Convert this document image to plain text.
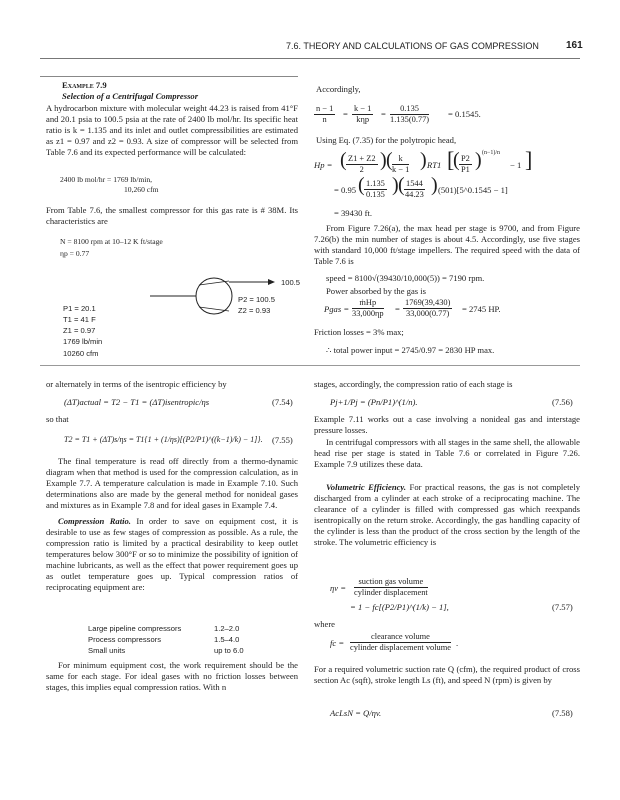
7.6. THEORY AND CALCULATIONS OF GAS COMPRESSION	161
Example 7.9
Selection of a Centrifugal Compressor
A hydrocarbon mixture with molecular weight 44.23 is raised from 41°F and 20.1 psia to 100.5 psia at the rate of 2400 lb mol/hr. Its specific heat ratio is k = 1.135 and its inlet and outlet compressibilities are estimated as z1 = 0.97 and z2 = 0.93. A size of compressor will be selected from Table 7.6 and its expected performance will be calculated:
2400 lb mol/hr = 1769 lb/min,
10,260 cfm
From Table 7.6, the smallest compressor for this gas rate is # 38M. Its characteristics are
N = 8100 rpm at 10–12 K ft/stage
ηp = 0.77
100.5
P1 = 20.1
T1 = 41 F
Z1 = 0.97
1769 lb/min
10260 cfm
P2 = 100.5
Z2 = 0.93
Accordingly,
$\frac{n - 1}{n}$ =
k − 1
kηp
= $\frac{0.135}{1.135(0.77)} = 0.1545$.
Using Eq. (7.35) for the polytropic head,
Hp = ( $\frac{Z1 + Z2}{2}$ ) ( $\frac{k}{k - 1}$ ) RT1 [
( $\frac{P2}{P1}$ ) (n−1)/n
− 1 ]
= 0.95 ( $\frac{1.135}{0.135}$ ) ( $\frac{1544}{44.23}$ ) (501)[5^0.1545 − 1]
= 39430 ft.
From Figure 7.26(a), the max head per stage is 9700, and from Figure 7.26(b) the min number of stages is about 4.5. Accordingly, use five stages with standard 10,000 ft/stage impellers. The required speed with the data of Table 7.6 is
speed = 8100√(39430/10,000(5)) = 7190 rpm.
Power absorbed by the gas is
Pgas =
ṁHp
$33,000\eta p = \frac{1769(39,430)}{33,000(0.77)} = 2745$ HP.
Friction losses = 3% max;
∴ total power input = 2745/0.97 = 2830 HP max.
or alternately in terms of the isentropic efficiency by
(ΔT)actual = T2 − T1 = (ΔT)isentropic/ηs	(7.54)
so that
T2 = T1 + (ΔT)s/ηs = T1{1 + (1/ηs)[(P2/P1)^((k−1)/k) − 1]}. (7.55)
The final temperature is read off directly from a thermo-dynamic diagram when that method is used for the compression calculation, as in Example 7.7. A temperature calculation is made in Example 7.10. Such determinations also are made by the general method for nonideal gases and mixtures as in Example 7.8 and for ideal gases in Example 7.4.
Compression Ratio. In order to save on equipment cost, it is desirable to use as few stages of compression as possible. As a rule, the compression ratio is limited by a practical desirability to keep outlet temperatures below 300°F or so to minimize the possibility of ignition of machine lubricants, as well as the effect that power requirement goes up as outlet temperature goes up. Typical compression ratios of reciprocating equipment are:
Large pipeline compressors	1.2–2.0
Process compressors	1.5–4.0
Small units	up to 6.0
For minimum equipment cost, the work requirement should be the same for each stage. For ideal gases with no friction losses between stages, this implies equal compression ratios. With n
stages, accordingly, the compression ratio of each stage is
Pj+1/Pj = (Pn/P1)^(1/n).	(7.56)
Example 7.11 works out a case involving a nonideal gas and interstage pressure losses.
In centrifugal compressors with all stages in the same shell, the allowable head rise per stage is stated in Table 7.6 or correlated in Figure 7.26. Example 7.9 utilizes these data.
Volumetric Efficiency. For practical reasons, the gas is not completely discharged from a cylinder at each stroke of a reciprocating machine. The clearance of a cylinder is filled with compressed gas which reexpands isentropically on the return stroke. Accordingly, the gas handling capacity of the cylinder is less than the product of the cross section by the length of the stroke. The volumetric efficiency is
ηv =
suction gas volume
cylinder displacement
= 1 − fc[(P2/P1)^(1/k) − 1],	(7.57)
where
fc =
clearance volume
cylinder displacement volume .
For a required volumetric suction rate Q (cfm), the required product of cross section Ac (sqft), stroke length Ls (ft), and speed N (rpm) is given by
AcLsN = Q/ηv.	(7.58)
